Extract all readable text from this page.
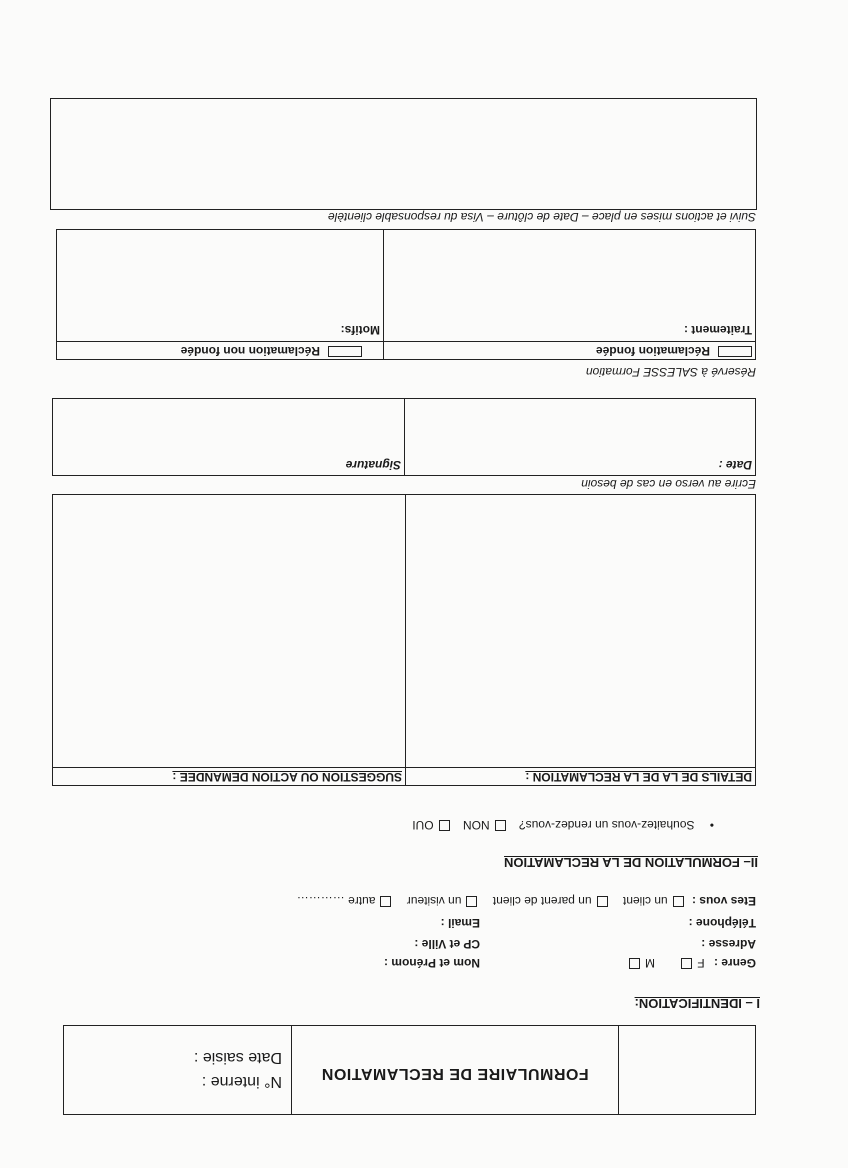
FORMULAIRE DE RECLAMATION
N° interne :
Date saisie :
I – IDENTIFICATION:
Genre : F M
Nom et Prénom :
Adresse :
CP et Ville :
Téléphone :
Email :
Etes vous : un client un parent de client un visiteur autre …………
II– FORMULATION DE LA RECLAMATION
• Souhaitez-vous un rendez-vous? NON OUI
DETAILS DE LA DE LA RECLAMATION :
SUGGESTION OU ACTION DEMANDEE :
Ecrire au verso en cas de besoin
Date :
Signature
Réservé à SALESSE Formation
Réclamation fondée
Réclamation non fondée
Traitement :
Motifs:
Suivi et actions mises en place – Date de clôture – Visa du responsable clientèle
